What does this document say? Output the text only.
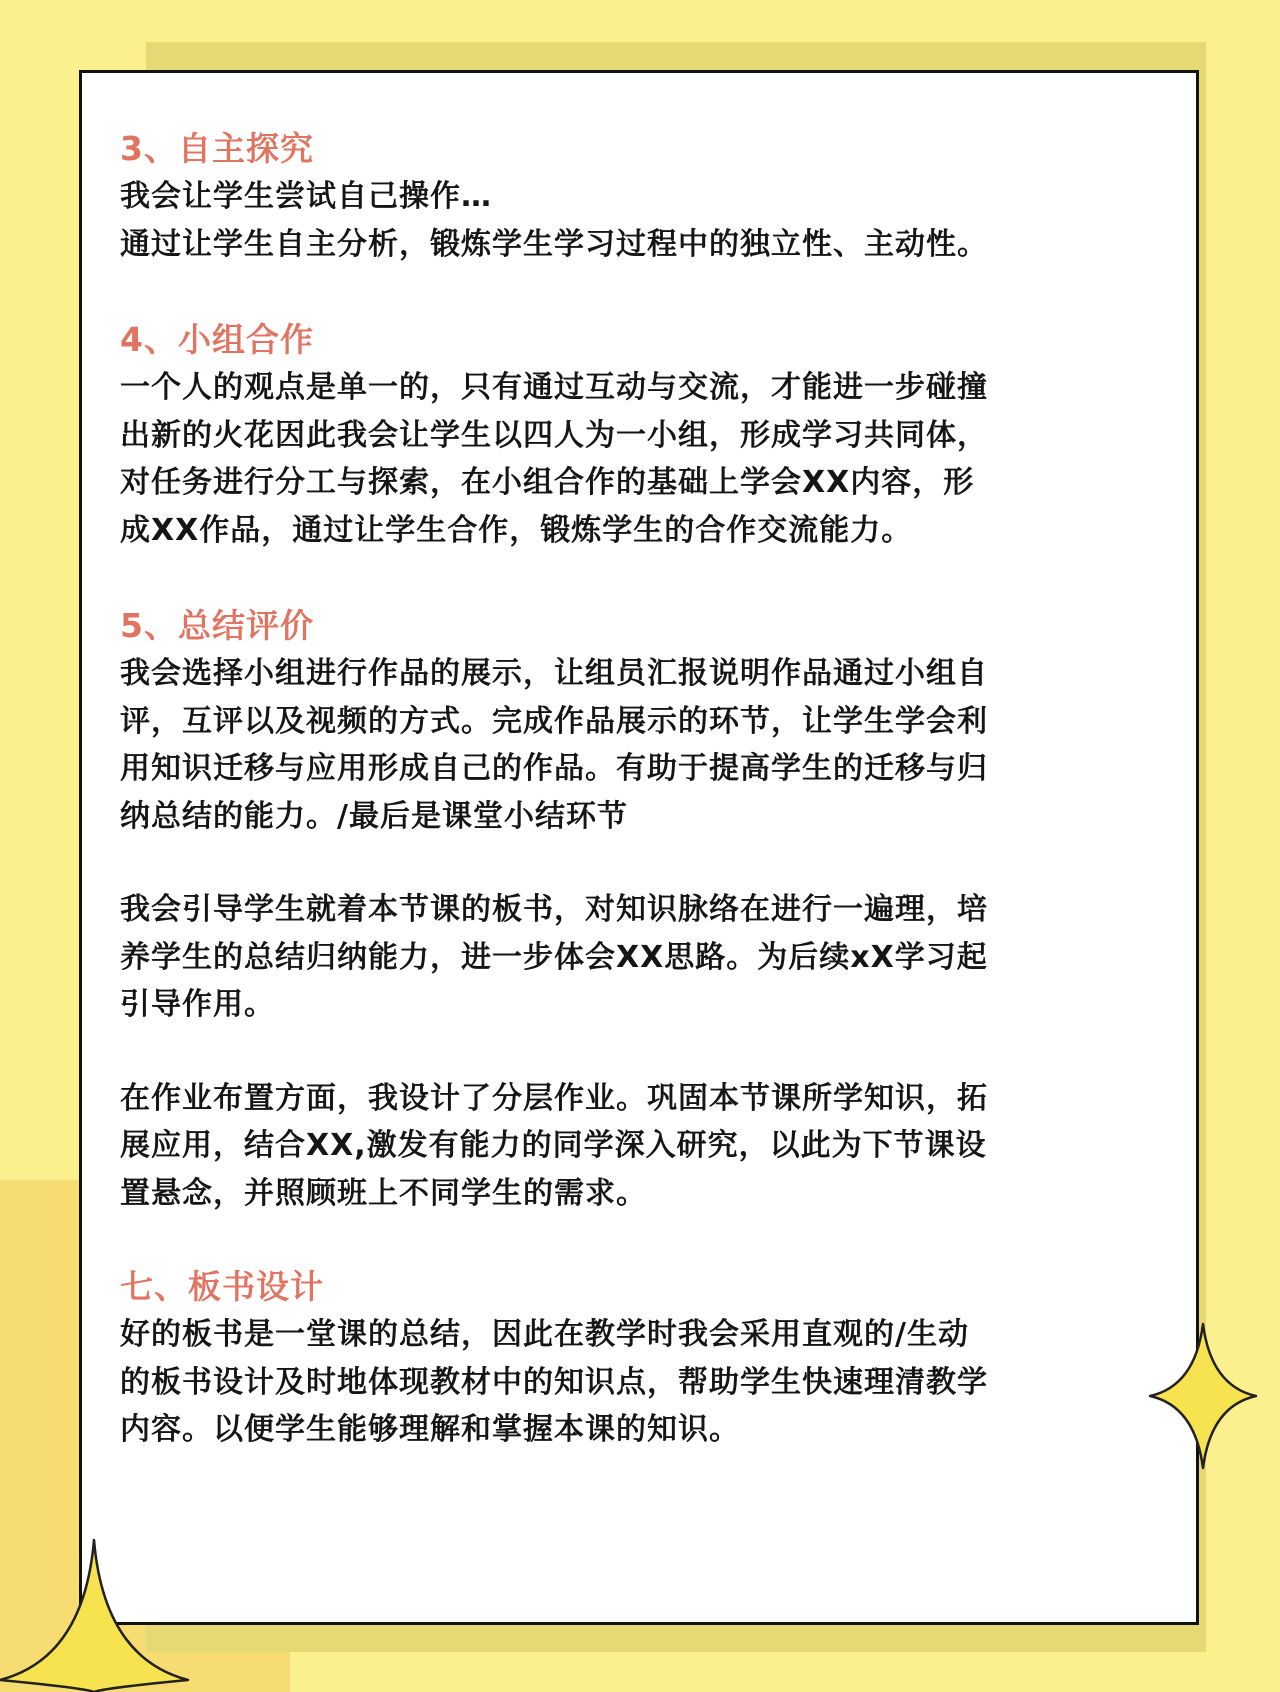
3、自主探究

我会让学生尝试自己操作…

通过让学生自主分析，锻炼学生学习过程中的独立性、主动性。

4、小组合作

一个人的观点是单一的，只有通过互动与交流，才能进一步碰撞

出新的火花因此我会让学生以四人为一小组，形成学习共同体，

对任务进行分工与探索，在小组合作的基础上学会XX内容，形

成XX作品，通过让学生合作，锻炼学生的合作交流能力。

5、总结评价

我会选择小组进行作品的展示，让组员汇报说明作品通过小组自

评，互评以及视频的方式。完成作品展示的环节，让学生学会利

用知识迁移与应用形成自己的作品。有助于提高学生的迁移与归

纳总结的能力。/最后是课堂小结环节

我会引导学生就着本节课的板书，对知识脉络在进行一遍理，培

养学生的总结归纳能力，进一步体会XX思路。为后续xX学习起

引导作用。

在作业布置方面，我设计了分层作业。巩固本节课所学知识，拓

展应用，结合XX,激发有能力的同学深入研究，以此为下节课设

置悬念，并照顾班上不同学生的需求。

七、板书设计

好的板书是一堂课的总结，因此在教学时我会采用直观的/生动

的板书设计及时地体现教材中的知识点，帮助学生快速理清教学

内容。以便学生能够理解和掌握本课的知识。
